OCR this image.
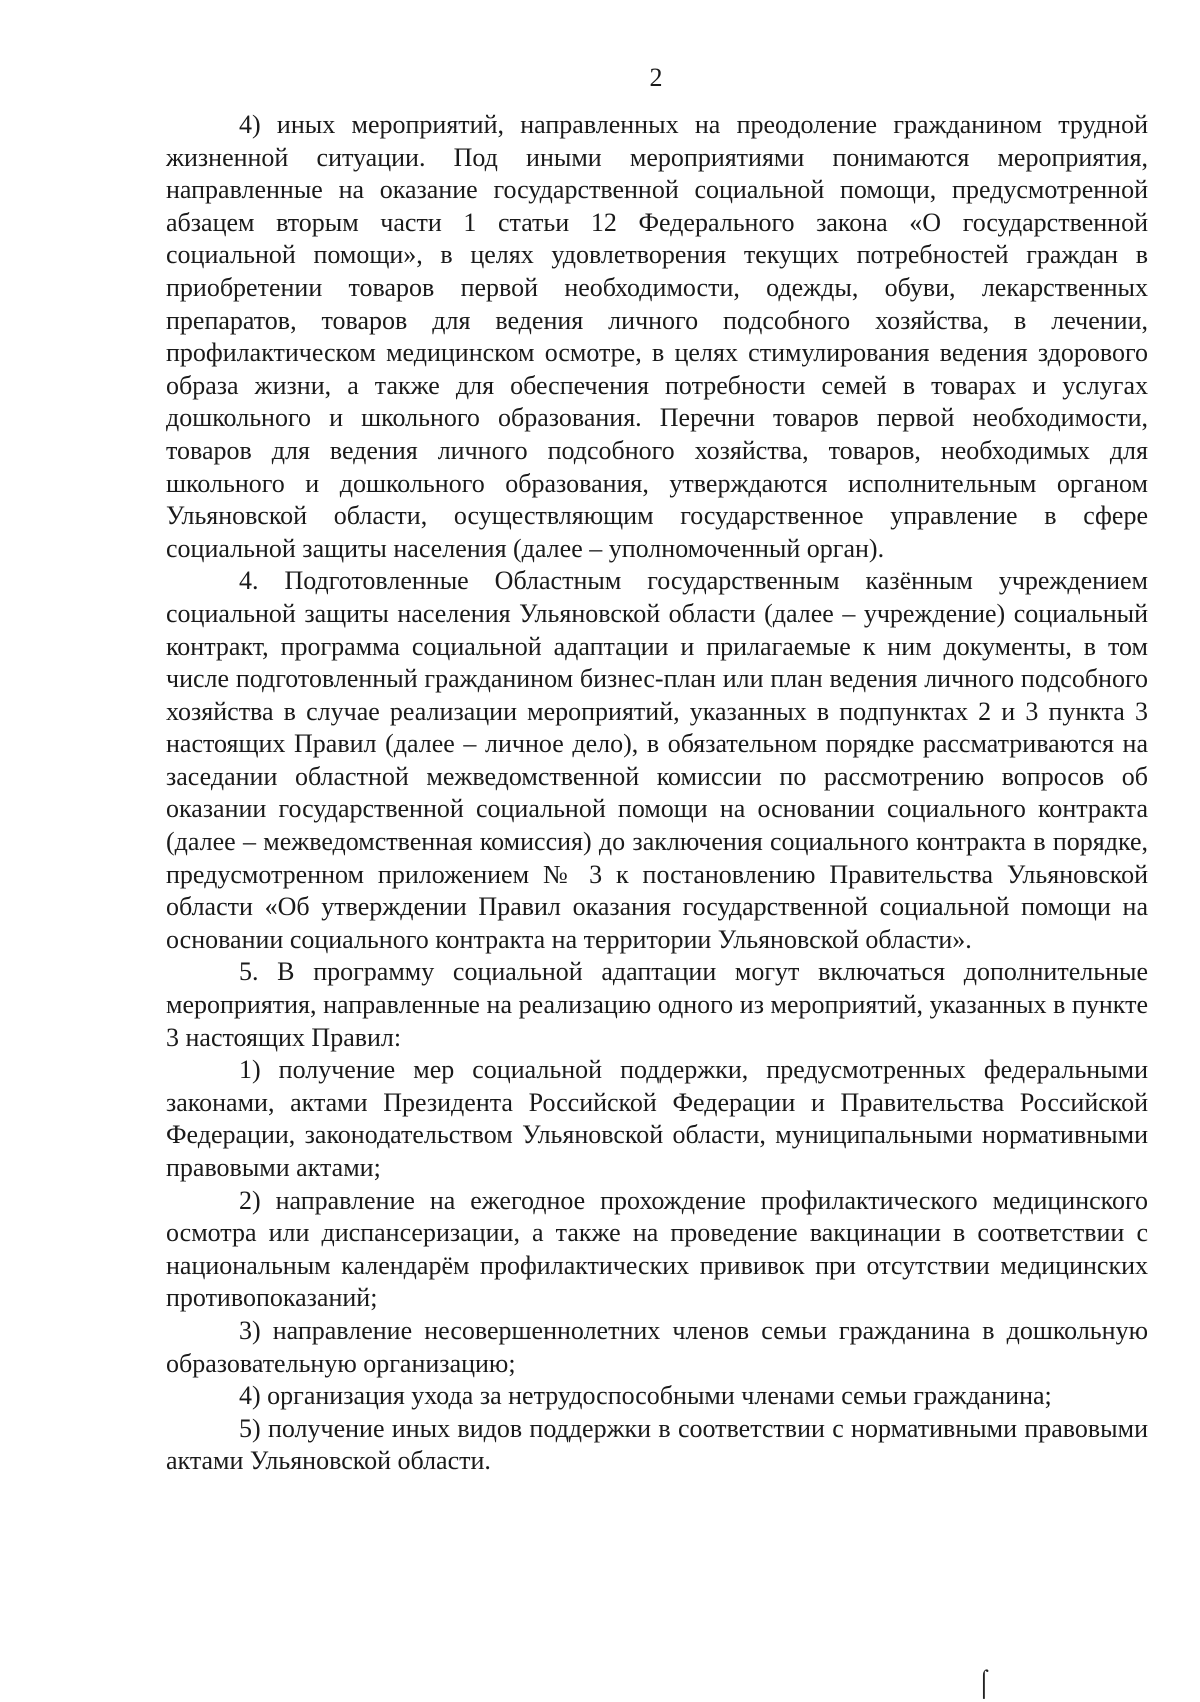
2

4) иных мероприятий, направленных на преодоление гражданином трудной жизненной ситуации. Под иными мероприятиями понимаются мероприятия, направленные на оказание государственной социальной помощи, предусмотренной абзацем вторым части 1 статьи 12 Федерального закона «О государственной социальной помощи», в целях удовлетворения текущих потребностей граждан в приобретении товаров первой необходимости, одежды, обуви, лекарственных препаратов, товаров для ведения личного подсобного хозяйства, в лечении, профилактическом медицинском осмотре, в целях стимулирования ведения здорового образа жизни, а также для обеспечения потребности семей в товарах и услугах дошкольного и школьного образования. Перечни товаров первой необходимости, товаров для ведения личного подсобного хозяйства, товаров, необходимых для школьного и дошкольного образования, утверждаются исполнительным органом Ульяновской области, осуществляющим государственное управление в сфере социальной защиты населения (далее – уполномоченный орган).

4. Подготовленные Областным государственным казённым учреждением социальной защиты населения Ульяновской области (далее – учреждение) социальный контракт, программа социальной адаптации и прилагаемые к ним документы, в том числе подготовленный гражданином бизнес-план или план ведения личного подсобного хозяйства в случае реализации мероприятий, указанных в подпунктах 2 и 3 пункта 3 настоящих Правил (далее – личное дело), в обязательном порядке рассматриваются на заседании областной межведомственной комиссии по рассмотрению вопросов об оказании государственной социальной помощи на основании социального контракта (далее – межведомственная комиссия) до заключения социального контракта в порядке, предусмотренном приложением № 3 к постановлению Правительства Ульяновской области «Об утверждении Правил оказания государственной социальной помощи на основании социального контракта на территории Ульяновской области».

5. В программу социальной адаптации могут включаться дополнительные мероприятия, направленные на реализацию одного из мероприятий, указанных в пункте 3 настоящих Правил:

1) получение мер социальной поддержки, предусмотренных федеральными законами, актами Президента Российской Федерации и Правительства Российской Федерации, законодательством Ульяновской области, муниципальными нормативными правовыми актами;

2) направление на ежегодное прохождение профилактического медицинского осмотра или диспансеризации, а также на проведение вакцинации в соответствии с национальным календарём профилактических прививок при отсутствии медицинских противопоказаний;

3) направление несовершеннолетних членов семьи гражданина в дошкольную образовательную организацию;

4) организация ухода за нетрудоспособными членами семьи гражданина;

5) получение иных видов поддержки в соответствии с нормативными правовыми актами Ульяновской области.

⌠
